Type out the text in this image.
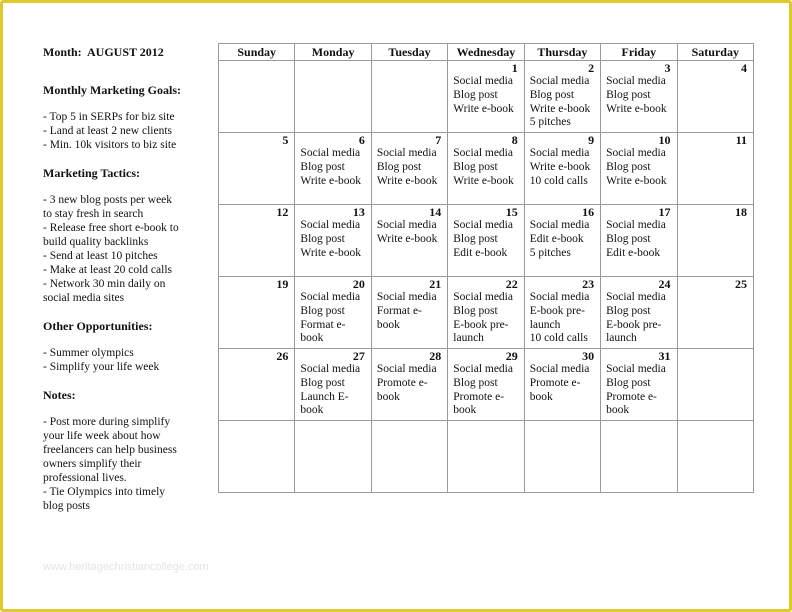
Month: AUGUST 2012
Monthly Marketing Goals:
- Top 5 in SERPs for biz site
- Land at least 2 new clients
- Min. 10k visitors to biz site
Marketing Tactics:
- 3 new blog posts per week
to stay fresh in search
- Release free short e-book to
build quality backlinks
- Send at least 10 pitches
- Make at least 20 cold calls
- Network 30 min daily on
social media sites
Other Opportunities:
- Summer olympics
- Simplify your life week
Notes:
- Post more during simplify
your life week about how
freelancers can help business
owners simplify their
professional lives.
- Tie Olympics into timely
blog posts
Sunday	Monday	Tuesday	Wednesday	Thursday	Friday	Saturday

			1
Social media
Blog post
Write e-book	2
Social media
Blog post
Write e-book
5 pitches	3
Social media
Blog post
Write e-book	4

5	6
Social media
Blog post
Write e-book	7
Social media
Blog post
Write e-book	8
Social media
Blog post
Write e-book	9
Social media
Write e-book
10 cold calls	10
Social media
Blog post
Write e-book	11

12	13
Social media
Blog post
Write e-book	14
Social media
Write e-book	15
Social media
Blog post
Edit e-book	16
Social media
Edit e-book
5 pitches	17
Social media
Blog post
Edit e-book	18

19	20
Social media
Blog post
Format e-
book	21
Social media
Format e-
book	22
Social media
Blog post
E-book pre-
launch	23
Social media
E-book pre-
launch
10 cold calls	24
Social media
Blog post
E-book pre-
launch	25

26	27
Social media
Blog post
Launch E-
book	28
Social media
Promote e-
book	29
Social media
Blog post
Promote e-
book	30
Social media
Promote e-
book	31
Social media
Blog post
Promote e-
book	

www.heritagechristiancollege.com
